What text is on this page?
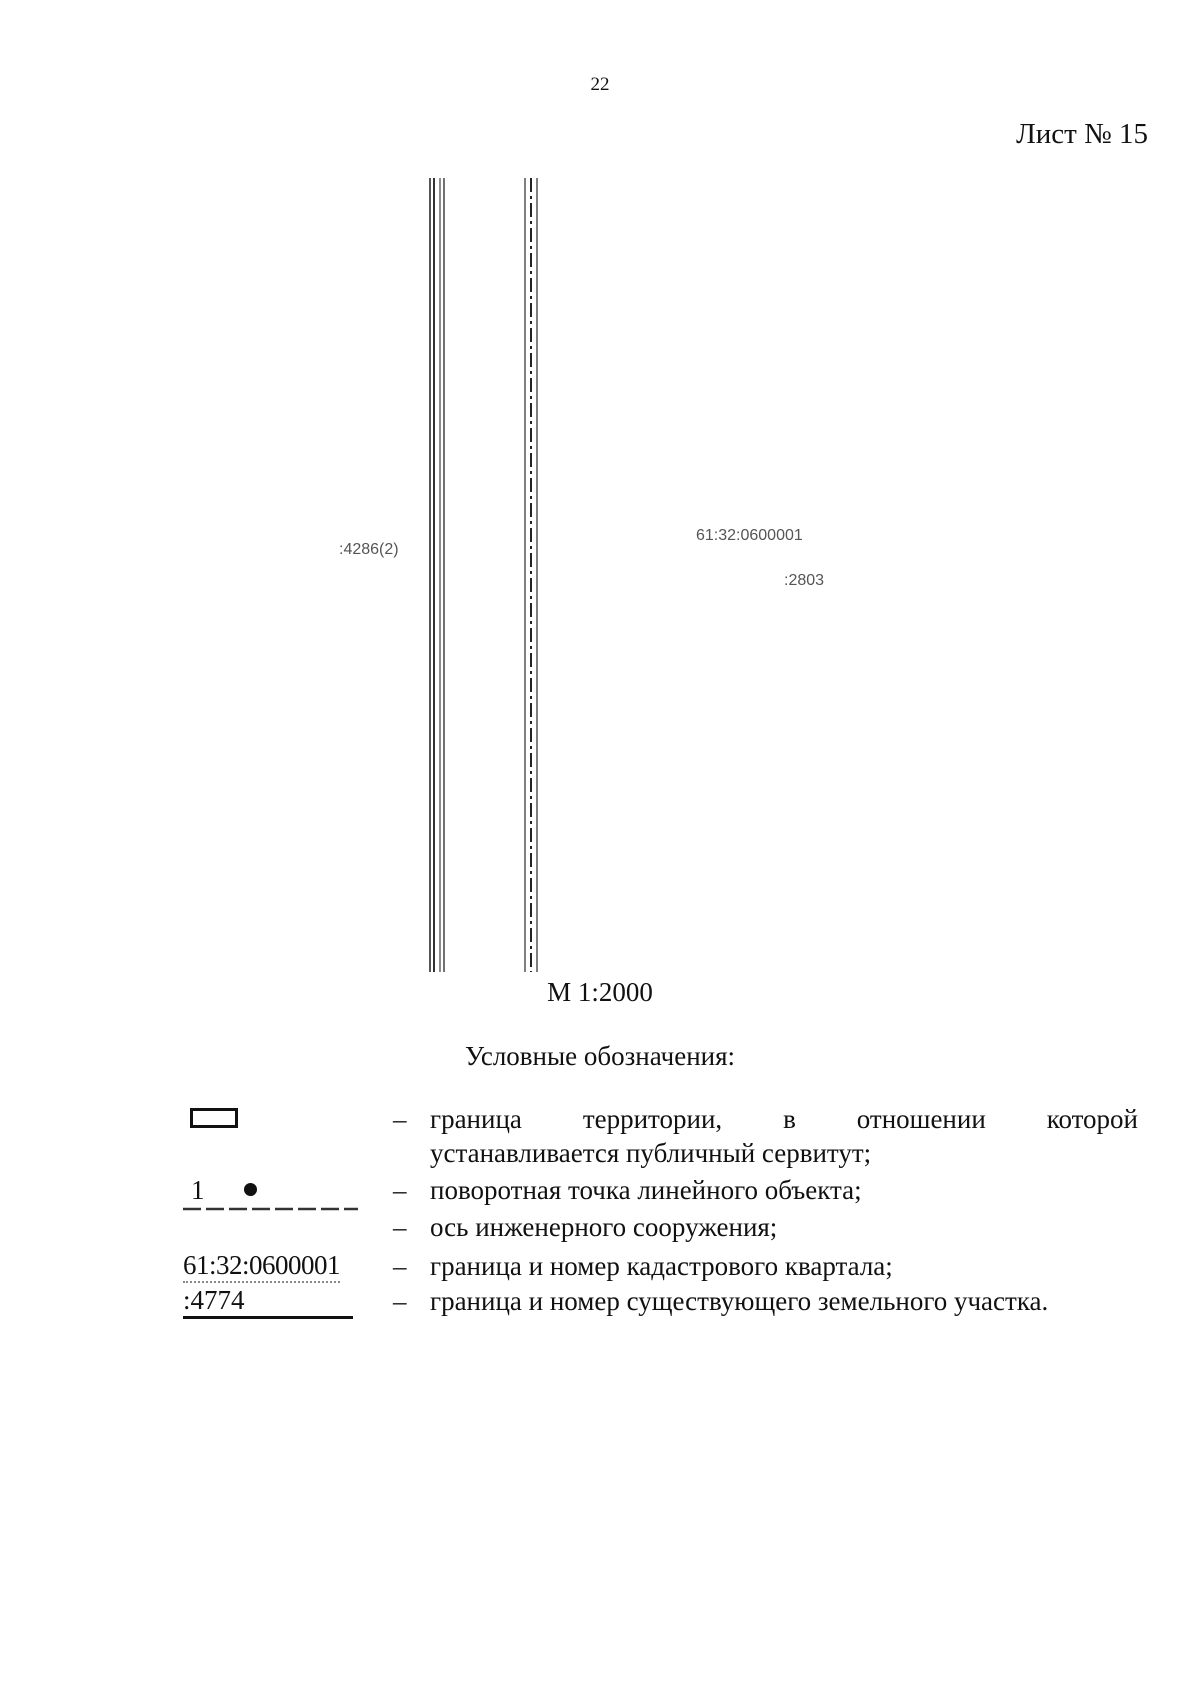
22
Лист № 15
:4286(2)
61:32:0600001
:2803
М 1:2000
Условные обозначения:
– граница территории, в отношении которой
устанавливается публичный сервитут;
1	– поворотная точка линейного объекта;
– ось инженерного сооружения;
61:32:0600001 – граница и номер кадастрового квартала;
:4774	– граница и номер существующего земельного участка.
